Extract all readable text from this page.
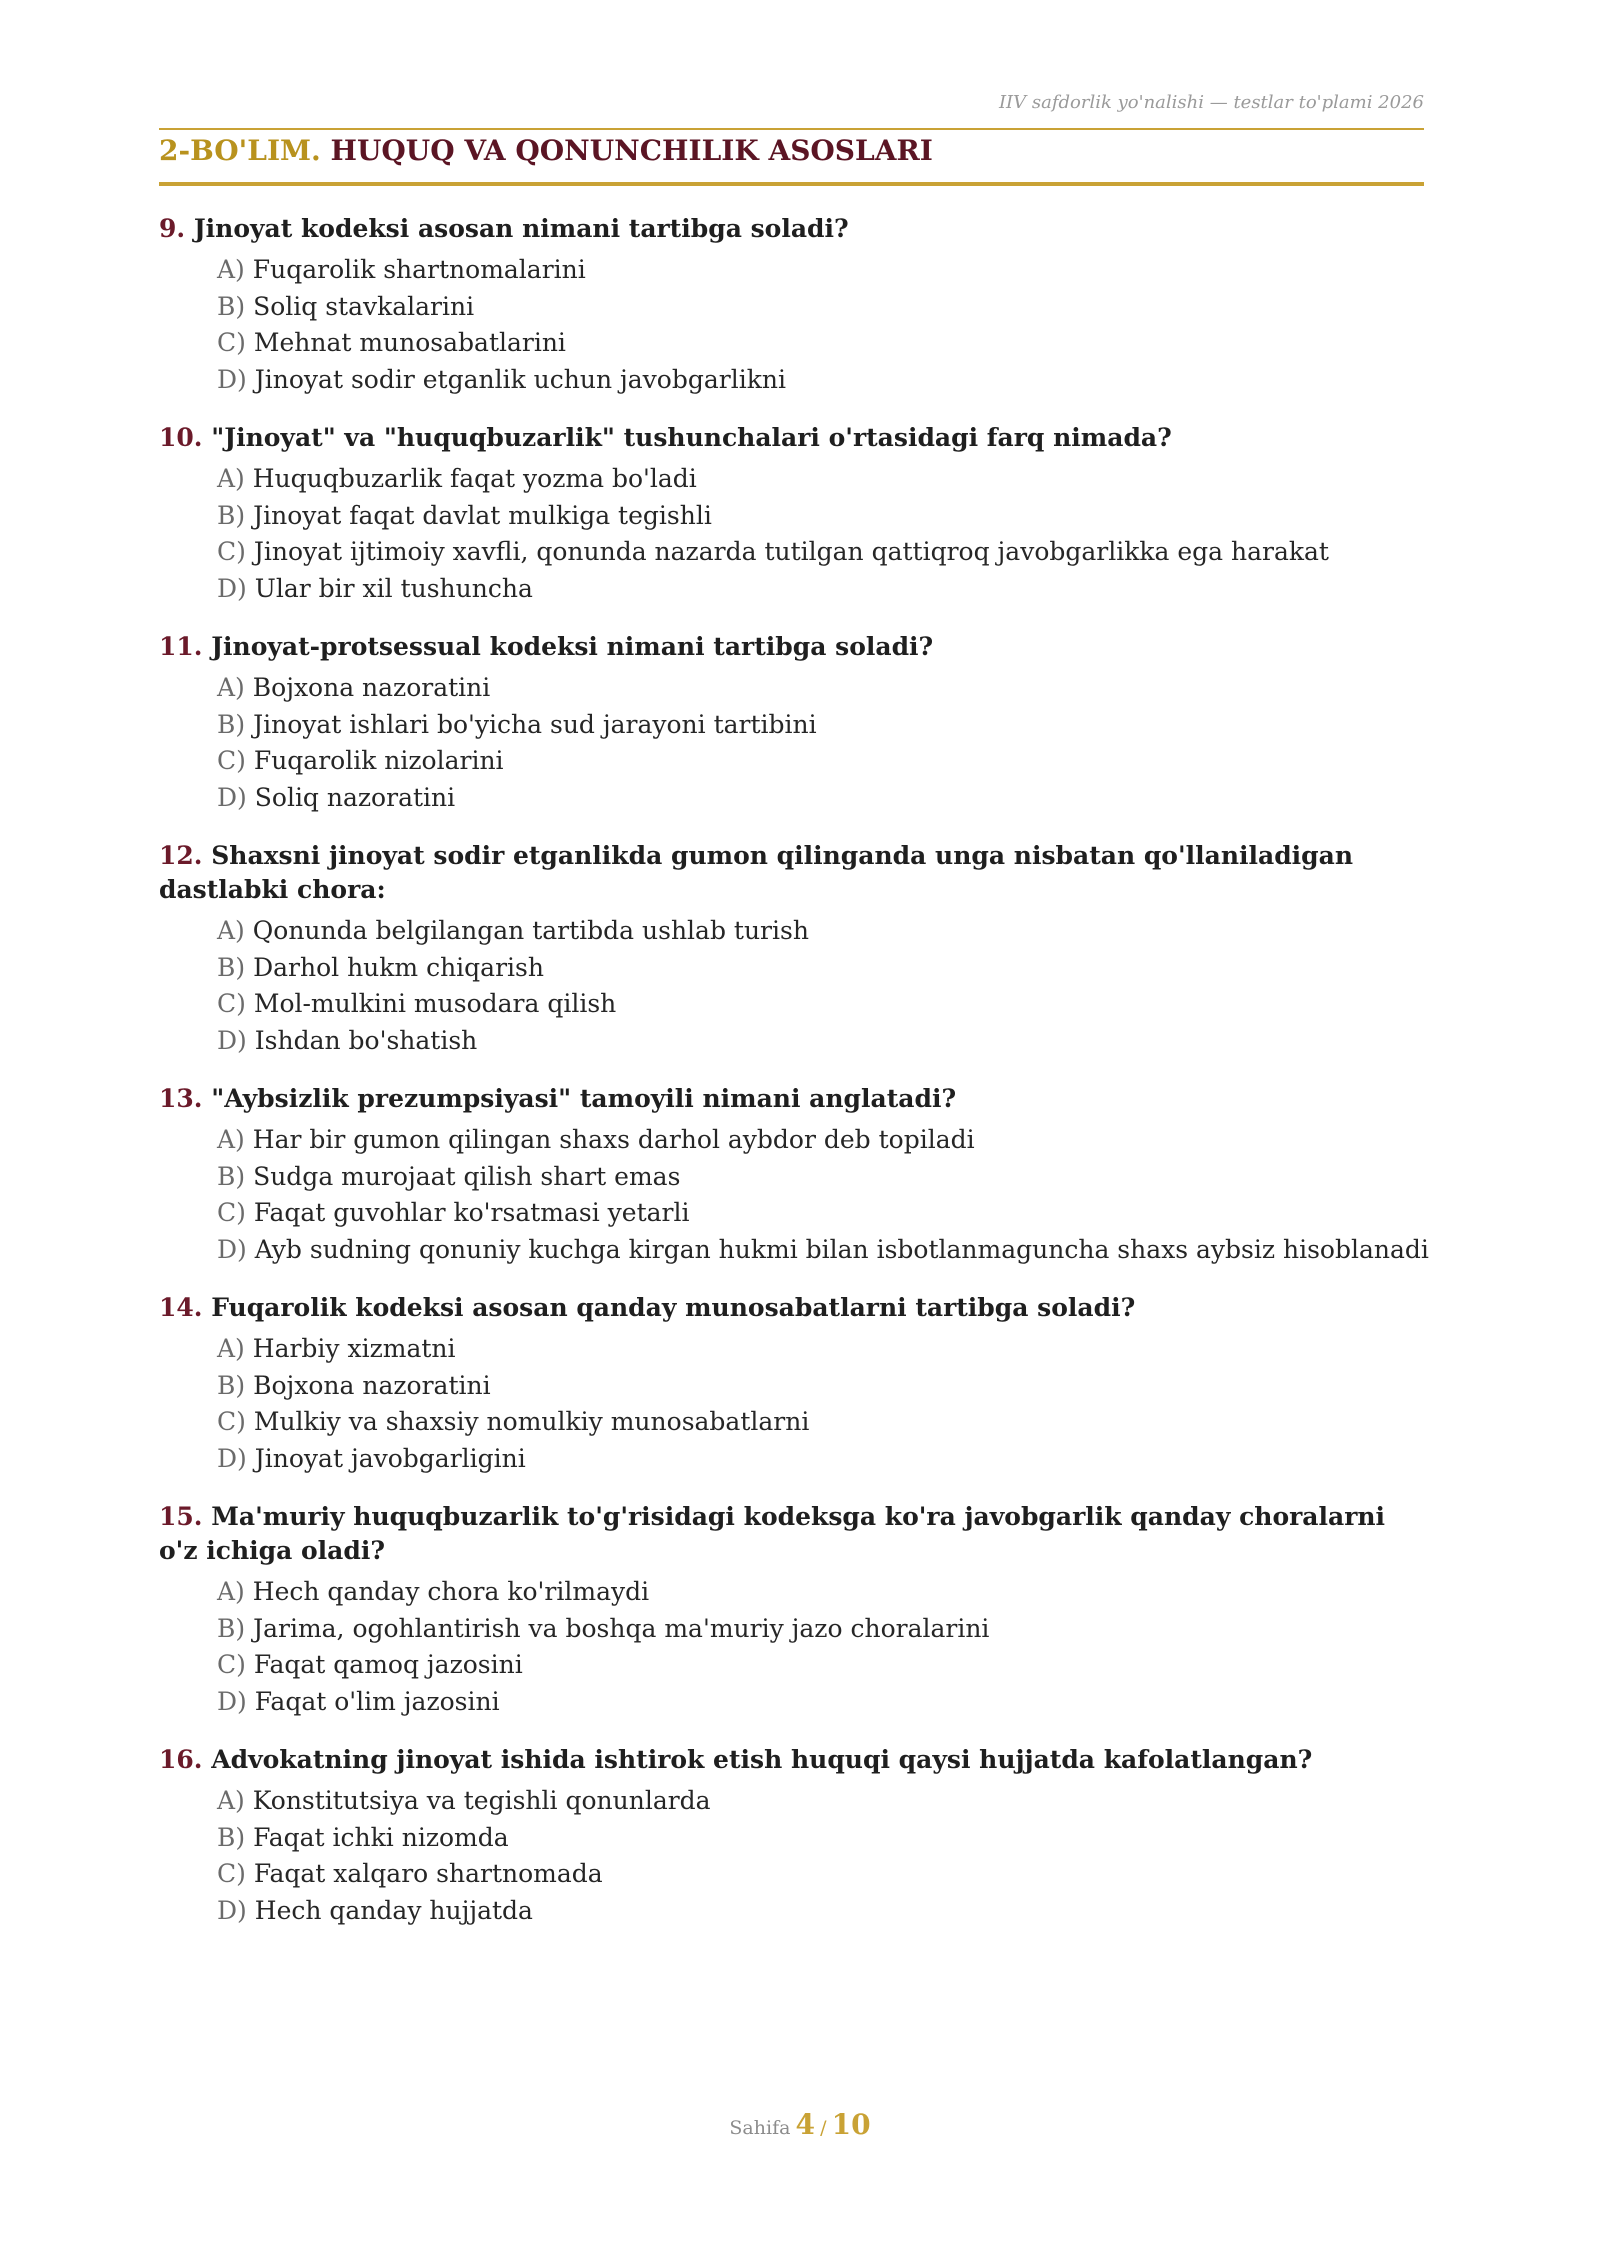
IIV safdorlik yo'nalishi — testlar to'plami 2026
2-BO'LIM. HUQUQ VA QONUNCHILIK ASOSLARI
9. Jinoyat kodeksi asosan nimani tartibga soladi?
A) Fuqarolik shartnomalarini
B) Soliq stavkalarini
C) Mehnat munosabatlarini
D) Jinoyat sodir etganlik uchun javobgarlikni
10. "Jinoyat" va "huquqbuzarlik" tushunchalari o'rtasidagi farq nimada?
A) Huquqbuzarlik faqat yozma bo'ladi
B) Jinoyat faqat davlat mulkiga tegishli
C) Jinoyat ijtimoiy xavfli, qonunda nazarda tutilgan qattiqroq javobgarlikka ega harakat
D) Ular bir xil tushuncha
11. Jinoyat-protsessual kodeksi nimani tartibga soladi?
A) Bojxona nazoratini
B) Jinoyat ishlari bo'yicha sud jarayoni tartibini
C) Fuqarolik nizolarini
D) Soliq nazoratini
12. Shaxsni jinoyat sodir etganlikda gumon qilinganda unga nisbatan qo'llaniladigan dastlabki chora:
A) Qonunda belgilangan tartibda ushlab turish
B) Darhol hukm chiqarish
C) Mol-mulkini musodara qilish
D) Ishdan bo'shatish
13. "Aybsizlik prezumpsiyasi" tamoyili nimani anglatadi?
A) Har bir gumon qilingan shaxs darhol aybdor deb topiladi
B) Sudga murojaat qilish shart emas
C) Faqat guvohlar ko'rsatmasi yetarli
D) Ayb sudning qonuniy kuchga kirgan hukmi bilan isbotlanmaguncha shaxs aybsiz hisoblanadi
14. Fuqarolik kodeksi asosan qanday munosabatlarni tartibga soladi?
A) Harbiy xizmatni
B) Bojxona nazoratini
C) Mulkiy va shaxsiy nomulkiy munosabatlarni
D) Jinoyat javobgarligini
15. Ma'muriy huquqbuzarlik to'g'risidagi kodeksga ko'ra javobgarlik qanday choralarni o'z ichiga oladi?
A) Hech qanday chora ko'rilmaydi
B) Jarima, ogohlantirish va boshqa ma'muriy jazo choralarini
C) Faqat qamoq jazosini
D) Faqat o'lim jazosini
16. Advokatning jinoyat ishida ishtirok etish huquqi qaysi hujjatda kafolatlangan?
A) Konstitutsiya va tegishli qonunlarda
B) Faqat ichki nizomda
C) Faqat xalqaro shartnomada
D) Hech qanday hujjatda
Sahifa 4 / 10
